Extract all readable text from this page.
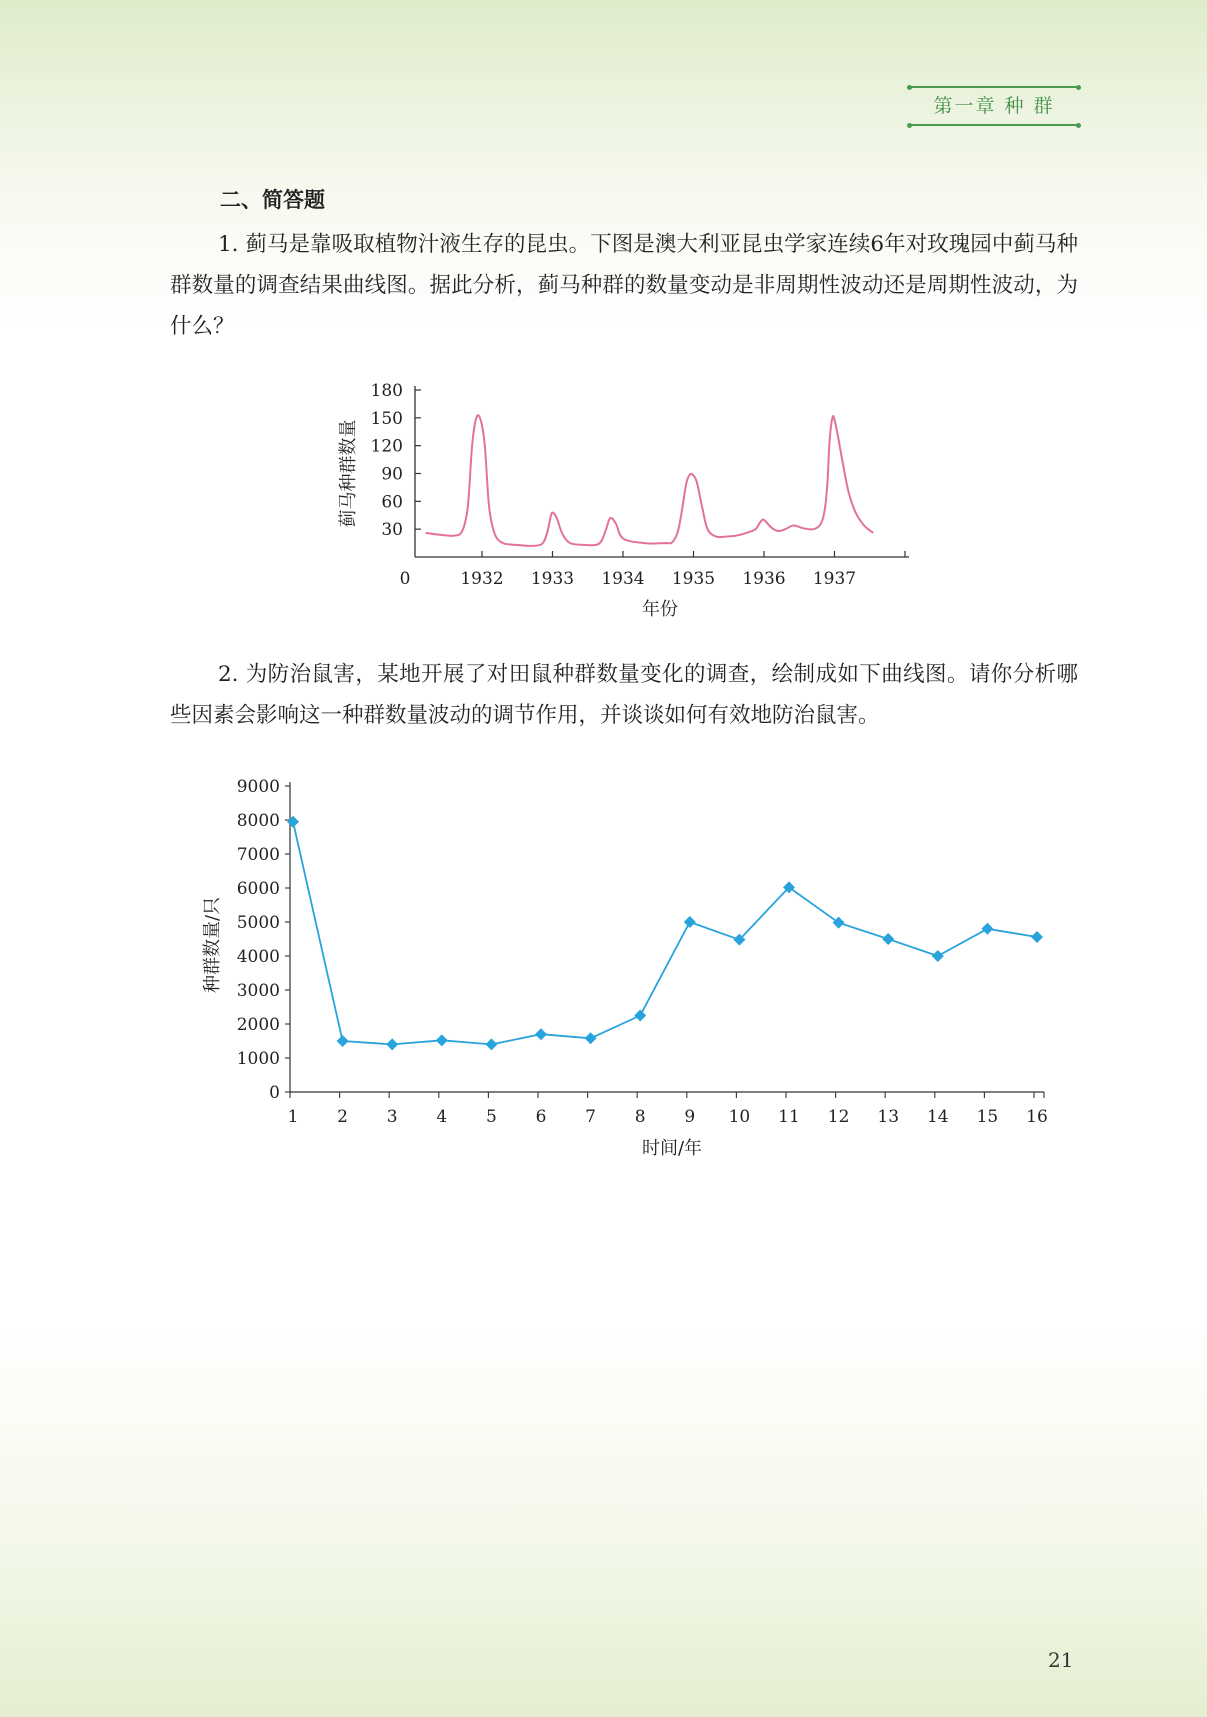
第一章 种 群
二、简答题
1. 蓟马是靠吸取植物汁液生存的昆虫。下图是澳大利亚昆虫学家连续6年对玫瑰园中蓟马种群数量的调查结果曲线图。据此分析，蓟马种群的数量变动是非周期性波动还是周期性波动，为什么？
30
60
90
120
150
180
1932 1933 1934 1935 1936 1937
0
年份
蓟马种群数量
2. 为防治鼠害，某地开展了对田鼠种群数量变化的调查，绘制成如下曲线图。请你分析哪些因素会影响这一种群数量波动的调节作用，并谈谈如何有效地防治鼠害。
0
1000
2000
3000
4000
5000
6000
7000
8000
9000
1 2 3 4 5 6 7 8 9 10 11 12 13 14 15 16
时间/年
种群数量/只
21
